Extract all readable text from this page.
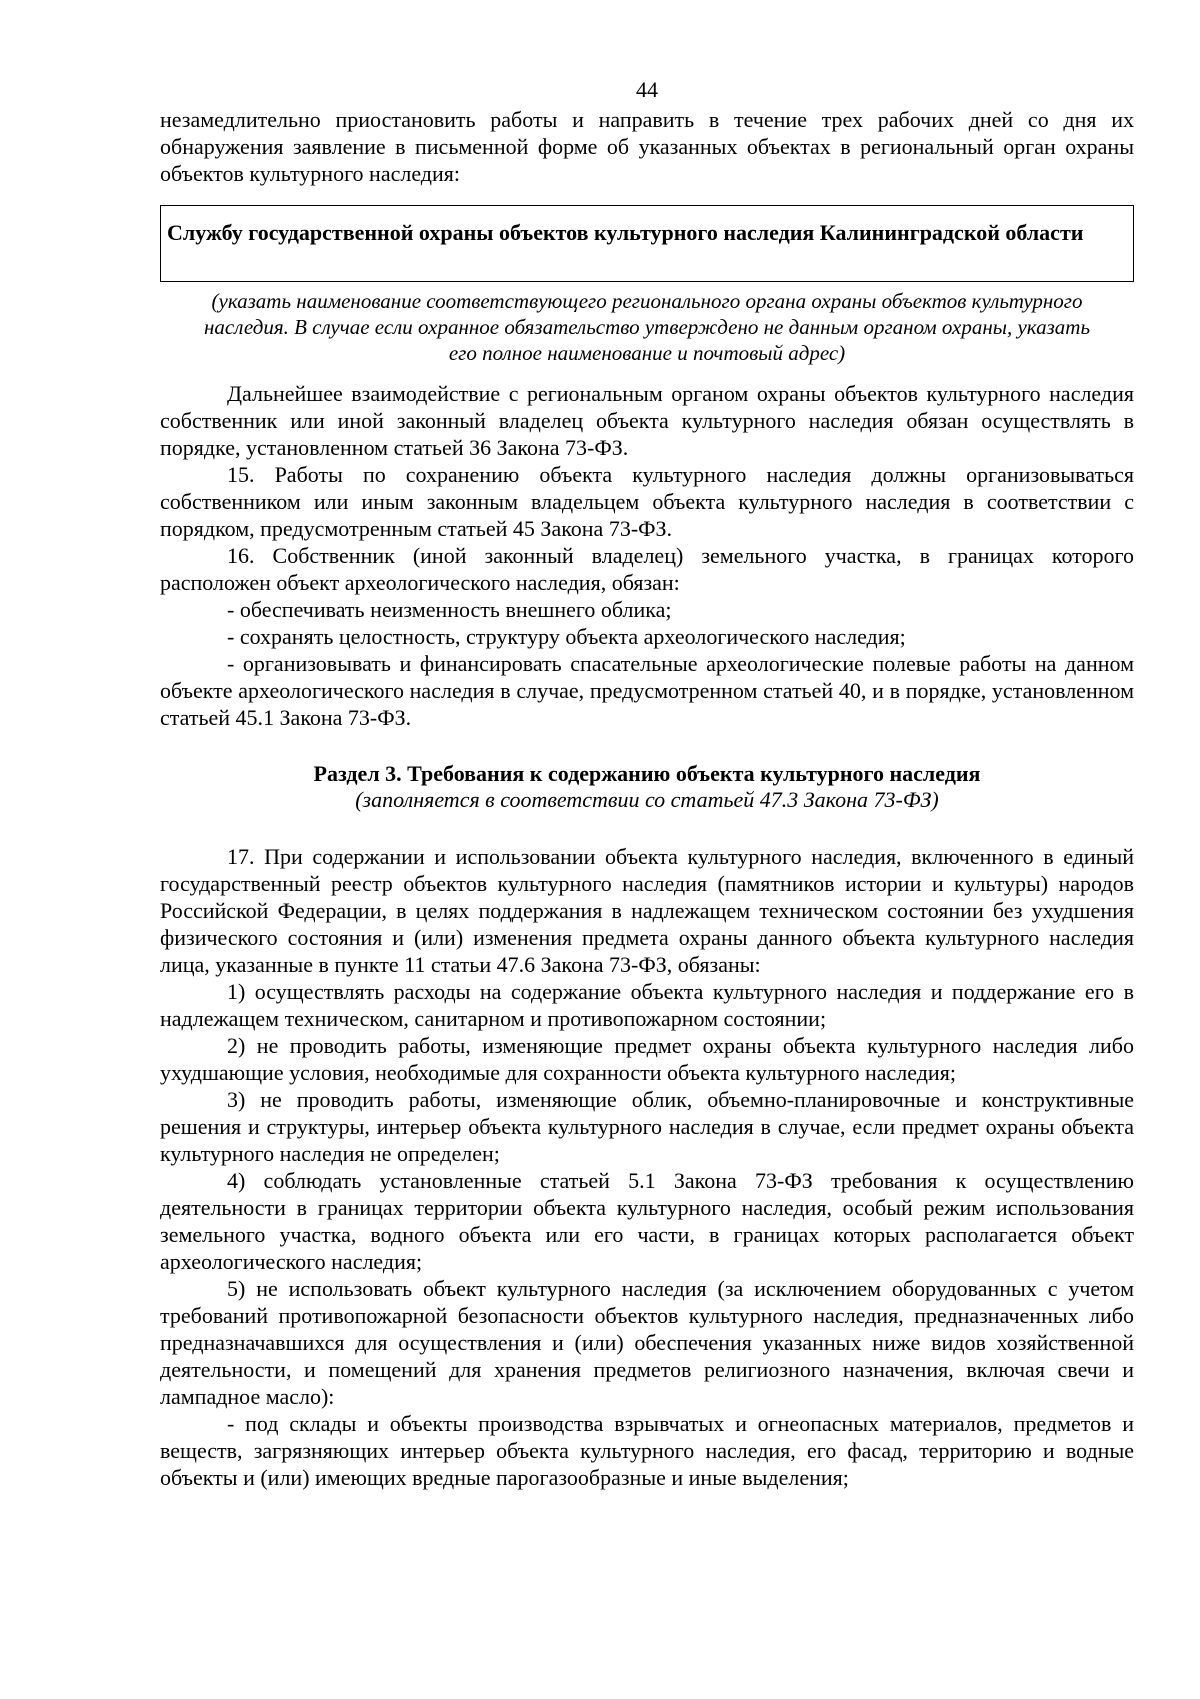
44

незамедлительно приостановить работы и направить в течение трех рабочих дней со дня их обнаружения заявление в письменной форме об указанных объектах в региональный орган охраны объектов культурного наследия:

Службу государственной охраны объектов культурного наследия Калининградской области
(указать наименование соответствующего регионального органа охраны объектов культурного наследия. В случае если охранное обязательство утверждено не данным органом охраны, указать его полное наименование и почтовый адрес)

Дальнейшее взаимодействие с региональным органом охраны объектов культурного наследия собственник или иной законный владелец объекта культурного наследия обязан осуществлять в порядке, установленном статьей 36 Закона 73-ФЗ.

15. Работы по сохранению объекта культурного наследия должны организовываться собственником или иным законным владельцем объекта культурного наследия в соответствии с порядком, предусмотренным статьей 45 Закона 73-ФЗ.

16. Собственник (иной законный владелец) земельного участка, в границах которого расположен объект археологического наследия, обязан:

- обеспечивать неизменность внешнего облика;

- сохранять целостность, структуру объекта археологического наследия;

- организовывать и финансировать спасательные археологические полевые работы на данном объекте археологического наследия в случае, предусмотренном статьей 40, и в порядке, установленном статьей 45.1 Закона 73-ФЗ.

Раздел 3. Требования к содержанию объекта культурного наследия
(заполняется в соответствии со статьей 47.3 Закона 73-ФЗ)

17. При содержании и использовании объекта культурного наследия, включенного в единый государственный реестр объектов культурного наследия (памятников истории и культуры) народов Российской Федерации, в целях поддержания в надлежащем техническом состоянии без ухудшения физического состояния и (или) изменения предмета охраны данного объекта культурного наследия лица, указанные в пункте 11 статьи 47.6 Закона 73-ФЗ, обязаны:

1) осуществлять расходы на содержание объекта культурного наследия и поддержание его в надлежащем техническом, санитарном и противопожарном состоянии;

2) не проводить работы, изменяющие предмет охраны объекта культурного наследия либо ухудшающие условия, необходимые для сохранности объекта культурного наследия;

3) не проводить работы, изменяющие облик, объемно-планировочные и конструктивные решения и структуры, интерьер объекта культурного наследия в случае, если предмет охраны объекта культурного наследия не определен;

4) соблюдать установленные статьей 5.1 Закона 73-ФЗ требования к осуществлению деятельности в границах территории объекта культурного наследия, особый режим использования земельного участка, водного объекта или его части, в границах которых располагается объект археологического наследия;

5) не использовать объект культурного наследия (за исключением оборудованных с учетом требований противопожарной безопасности объектов культурного наследия, предназначенных либо предназначавшихся для осуществления и (или) обеспечения указанных ниже видов хозяйственной деятельности, и помещений для хранения предметов религиозного назначения, включая свечи и лампадное масло):

- под склады и объекты производства взрывчатых и огнеопасных материалов, предметов и веществ, загрязняющих интерьер объекта культурного наследия, его фасад, территорию и водные объекты и (или) имеющих вредные парогазообразные и иные выделения;
